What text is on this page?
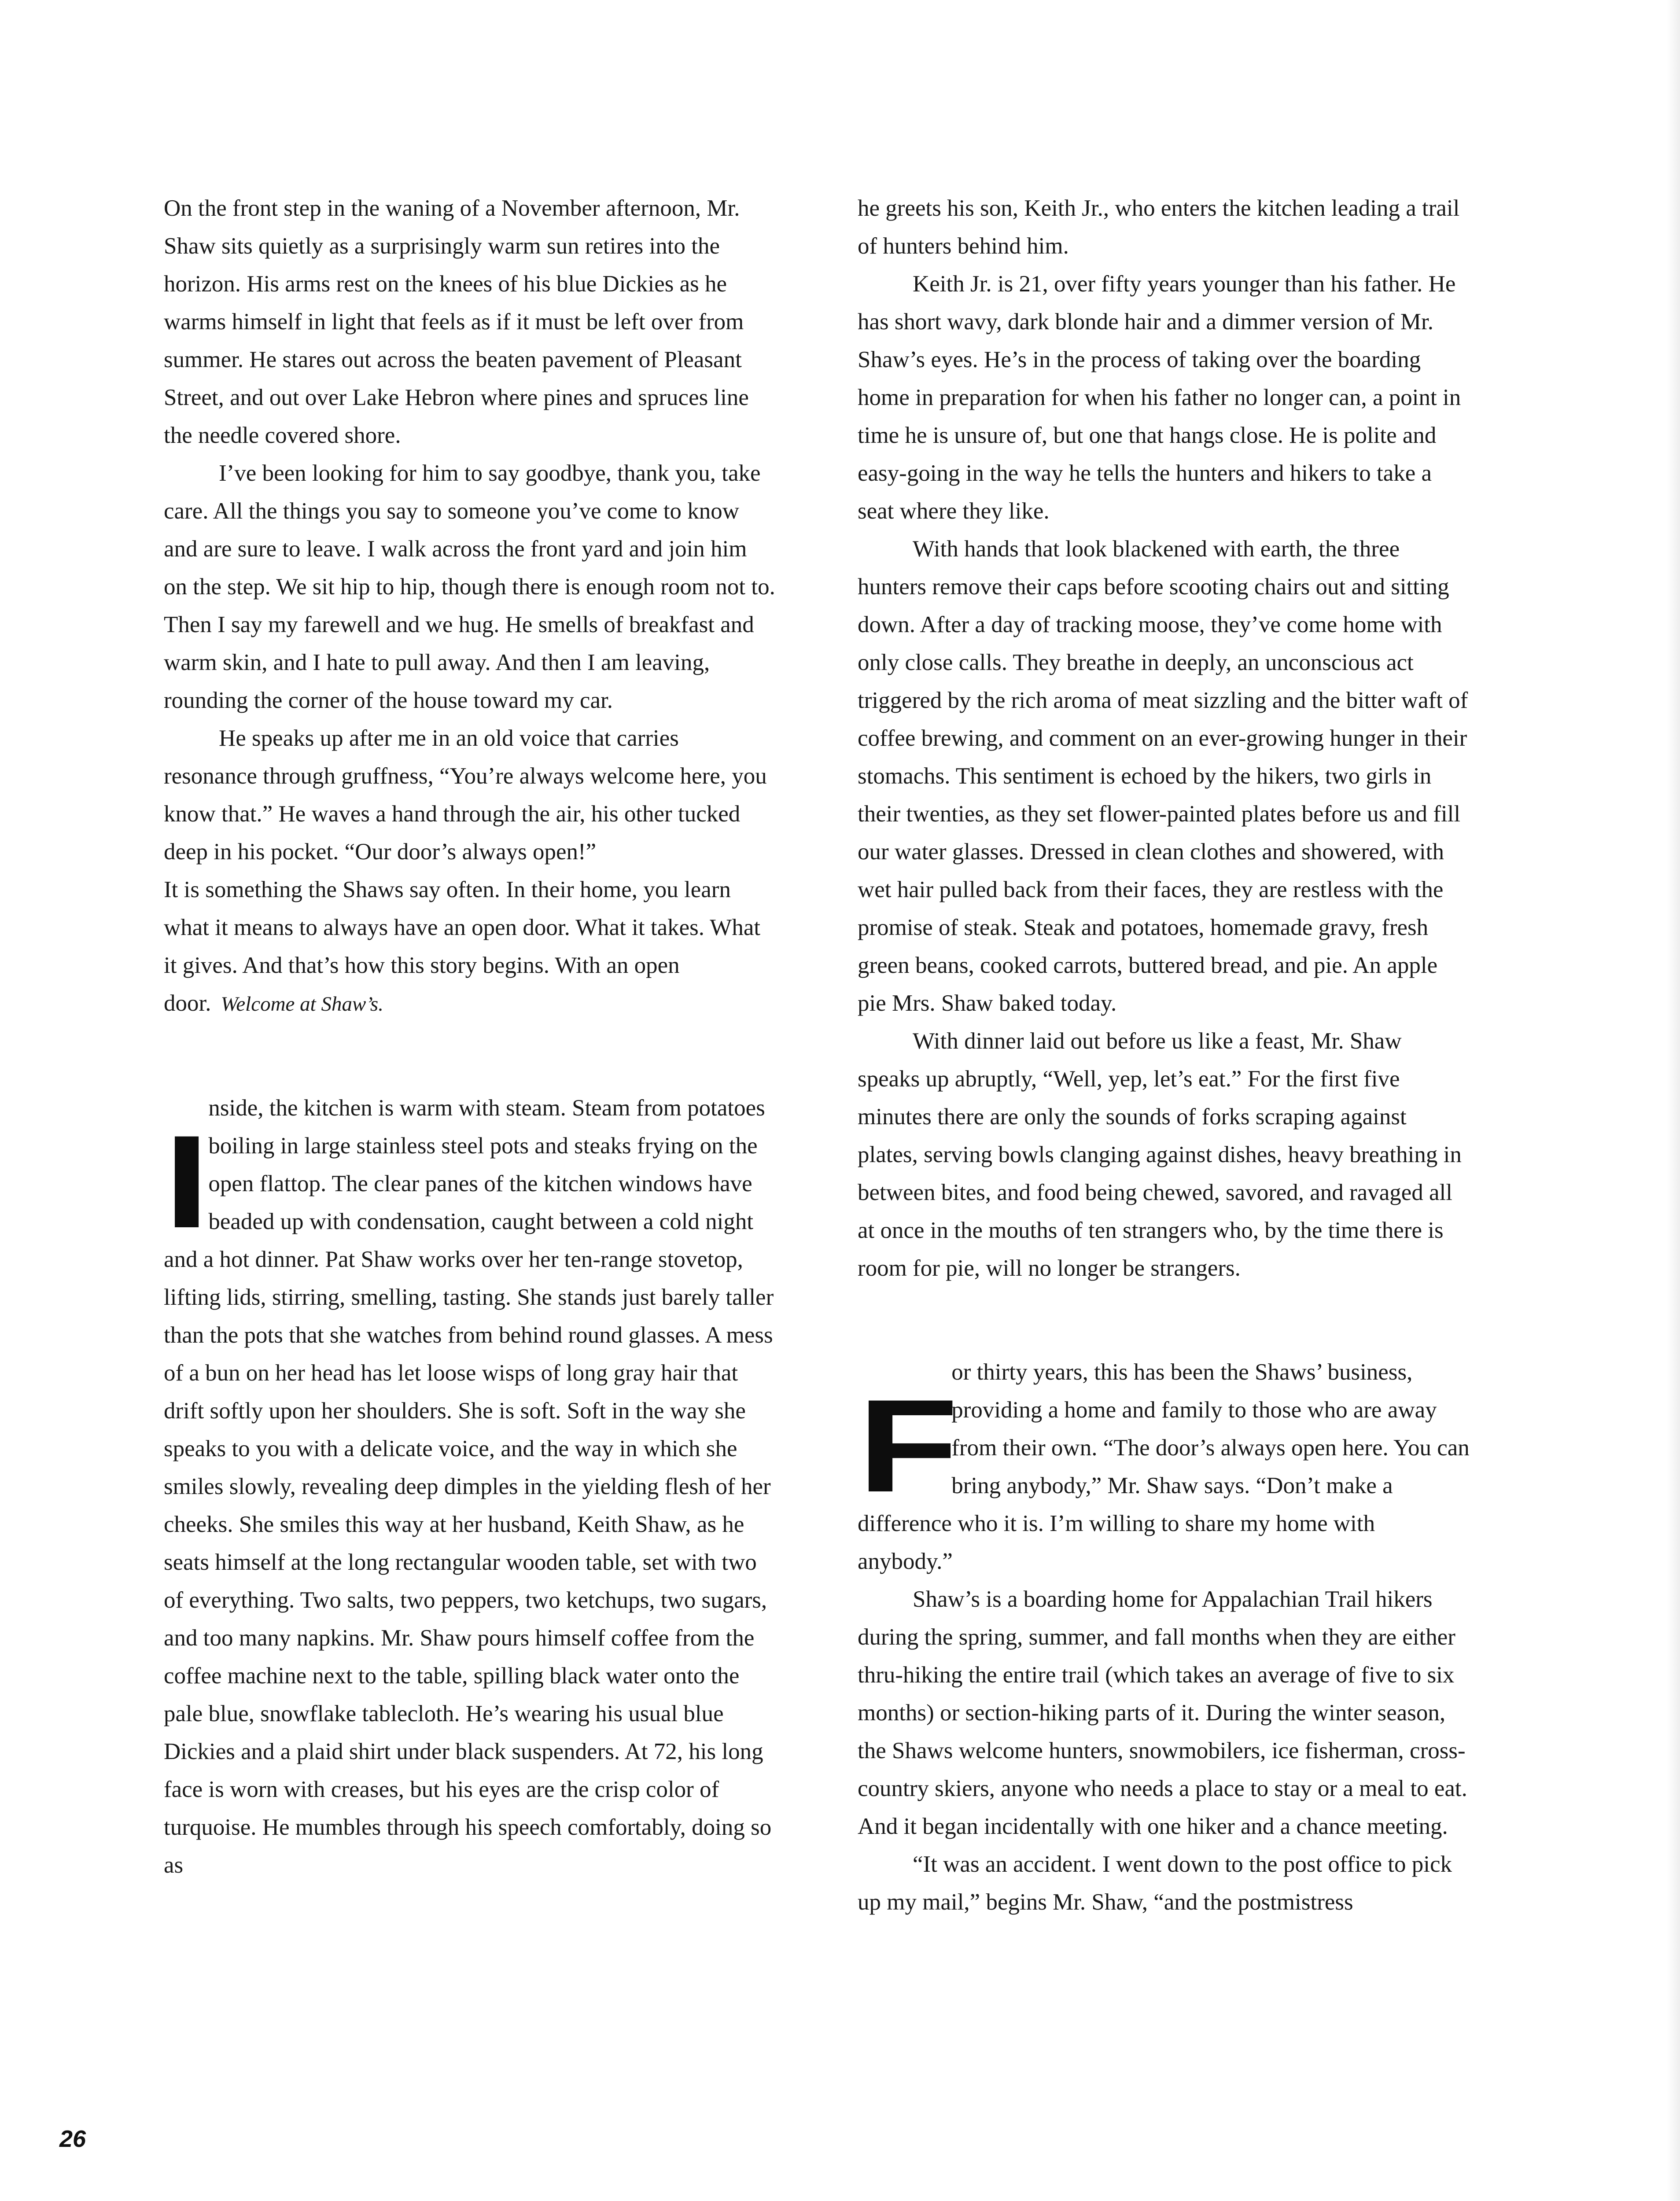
On the front step in the waning of a November afternoon, Mr. Shaw sits quietly as a surprisingly warm sun retires into the horizon. His arms rest on the knees of his blue Dickies as he warms himself in light that feels as if it must be left over from summer. He stares out across the beaten pavement of Pleasant Street, and out over Lake Hebron where pines and spruces line the needle covered shore.

I’ve been looking for him to say goodbye, thank you, take care. All the things you say to someone you’ve come to know and are sure to leave. I walk across the front yard and join him on the step. We sit hip to hip, though there is enough room not to. Then I say my farewell and we hug. He smells of breakfast and warm skin, and I hate to pull away. And then I am leaving, rounding the corner of the house toward my car.

He speaks up after me in an old voice that carries resonance through gruffness, “You’re always welcome here, you know that.” He waves a hand through the air, his other tucked deep in his pocket. “Our door’s always open!”

It is something the Shaws say often. In their home, you learn what it means to always have an open door. What it takes. What it gives. And that’s how this story begins. With an open door. Welcome at Shaw’s.

I
nside, the kitchen is warm with steam. Steam from potatoes boiling in large stainless steel pots and steaks frying on the open flattop. The clear panes of the kitchen windows have beaded up with condensation, caught between a cold night and a hot dinner. Pat Shaw works over her ten-range stovetop, lifting lids, stirring, smelling, tasting. She stands just barely taller than the pots that she watches from behind round glasses. A mess of a bun on her head has let loose wisps of long gray hair that drift softly upon her shoulders. She is soft. Soft in the way she speaks to you with a delicate voice, and the way in which she smiles slowly, revealing deep dimples in the yielding flesh of her cheeks. She smiles this way at her husband, Keith Shaw, as he seats himself at the long rectangular wooden table, set with two of everything. Two salts, two peppers, two ketchups, two sugars, and too many napkins. Mr. Shaw pours himself coffee from the coffee machine next to the table, spilling black water onto the pale blue, snowflake tablecloth. He’s wearing his usual blue Dickies and a plaid shirt under black suspenders. At 72, his long face is worn with creases, but his eyes are the crisp color of turquoise. He mumbles through his speech comfortably, doing so as

he greets his son, Keith Jr., who enters the kitchen leading a trail of hunters behind him.

Keith Jr. is 21, over fifty years younger than his father. He has short wavy, dark blonde hair and a dimmer version of Mr. Shaw’s eyes. He’s in the process of taking over the boarding home in preparation for when his father no longer can, a point in time he is unsure of, but one that hangs close. He is polite and easy-going in the way he tells the hunters and hikers to take a seat where they like.

With hands that look blackened with earth, the three hunters remove their caps before scooting chairs out and sitting down. After a day of tracking moose, they’ve come home with only close calls. They breathe in deeply, an unconscious act triggered by the rich aroma of meat sizzling and the bitter waft of coffee brewing, and comment on an ever-growing hunger in their stomachs. This sentiment is echoed by the hikers, two girls in their twenties, as they set flower-painted plates before us and fill our water glasses. Dressed in clean clothes and showered, with wet hair pulled back from their faces, they are restless with the promise of steak. Steak and potatoes, homemade gravy, fresh green beans, cooked carrots, buttered bread, and pie. An apple pie Mrs. Shaw baked today.

With dinner laid out before us like a feast, Mr. Shaw speaks up abruptly, “Well, yep, let’s eat.” For the first five minutes there are only the sounds of forks scraping against plates, serving bowls clanging against dishes, heavy breathing in between bites, and food being chewed, savored, and ravaged all at once in the mouths of ten strangers who, by the time there is room for pie, will no longer be strangers.

F
or thirty years, this has been the Shaws’ business, providing a home and family to those who are away from their own. “The door’s always open here. You can bring anybody,” Mr. Shaw says. “Don’t make a difference who it is. I’m willing to share my home with anybody.”

Shaw’s is a boarding home for Appalachian Trail hikers during the spring, summer, and fall months when they are either thru-hiking the entire trail (which takes an average of five to six months) or section-hiking parts of it. During the winter season, the Shaws welcome hunters, snowmobilers, ice fisherman, cross-country skiers, anyone who needs a place to stay or a meal to eat. And it began incidentally with one hiker and a chance meeting.

“It was an accident. I went down to the post office to pick up my mail,” begins Mr. Shaw, “and the postmistress

26
